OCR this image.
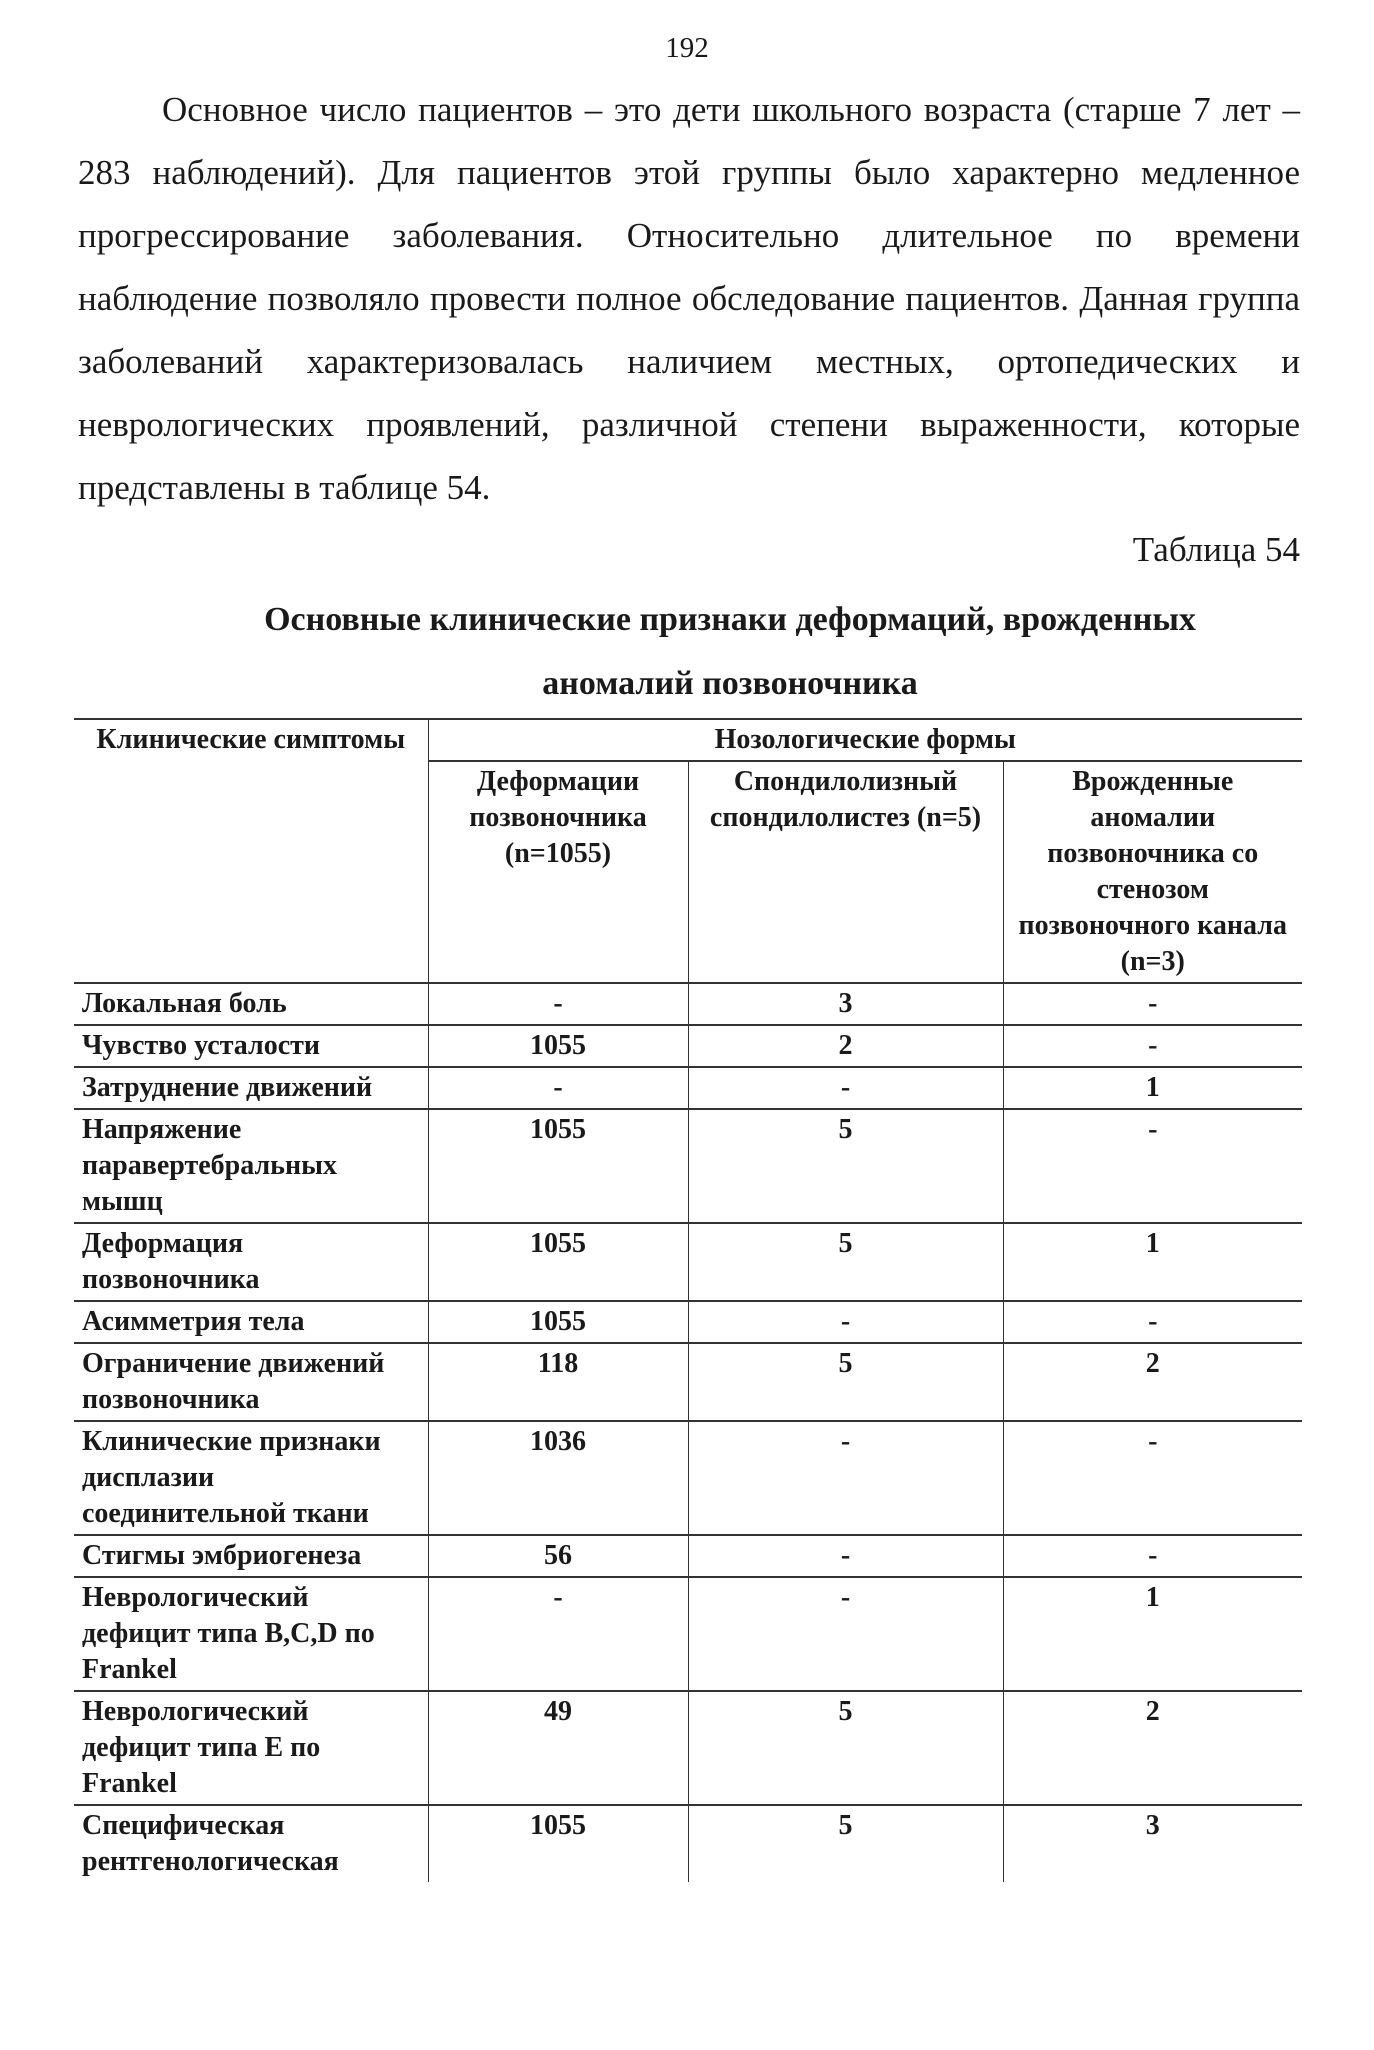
192

Основное число пациентов – это дети школьного возраста (старше 7 лет – 283 наблюдений). Для пациентов этой группы было характерно медленное прогрессирование заболевания. Относительно длительное по времени наблюдение позволяло провести полное обследование пациентов. Данная группа заболеваний характеризовалась наличием местных, ортопедических и неврологических проявлений, различной степени выраженности, которые представлены в таблице 54.

Таблица 54
Основные клинические признаки деформаций, врожденных
аномалий позвоночника
Клинические симптомы	Нозологические формы		
	Деформации позвоночника (n=1055)	Спондилолизный спондилолистез (n=5)	Врожденные аномалии позвоночника со стенозом позвоночного канала (n=3)
Локальная боль	-	3	-
Чувство усталости	1055	2	-
Затруднение движений	-	-	1
Напряжение паравертебральных мышц	1055	5	-
Деформация позвоночника	1055	5	1
Асимметрия тела	1055	-	-
Ограничение движений позвоночника	118	5	2
Клинические признаки дисплазии соединительной ткани	1036	-	-
Стигмы эмбриогенеза	56	-	-
Неврологический дефицит типа В,С,D по Frankel	-	-	1
Неврологический дефицит типа Е по Frankel	49	5	2
Специфическая рентгенологическая	1055	5	3
